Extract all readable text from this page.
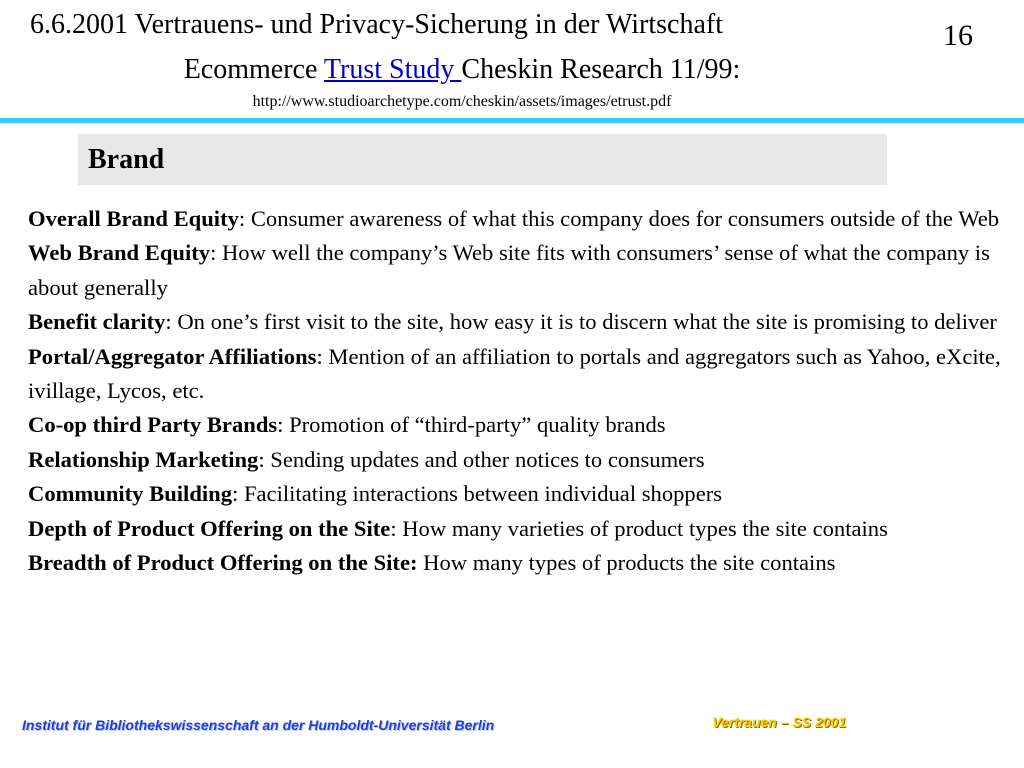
6.6.2001 Vertrauens- und Privacy-Sicherung in der Wirtschaft
Ecommerce Trust Study Cheskin Research 11/99:
http://www.studioarchetype.com/cheskin/assets/images/etrust.pdf
16
Brand

Overall Brand Equity: Consumer awareness of what this company does for consumers outside of the Web

Web Brand Equity: How well the company’s Web site fits with consumers’ sense of what the company is about generally

Benefit clarity: On one’s first visit to the site, how easy it is to discern what the site is promising to deliver

Portal/Aggregator Affiliations: Mention of an affiliation to portals and aggregators such as Yahoo, eXcite, ivillage, Lycos, etc.

Co-op third Party Brands: Promotion of “third-party” quality brands

Relationship Marketing: Sending updates and other notices to consumers

Community Building: Facilitating interactions between individual shoppers

Depth of Product Offering on the Site: How many varieties of product types the site contains

Breadth of Product Offering on the Site: How many types of products the site contains

Institut für Bibliothekswissenschaft an der Humboldt-Universität Berlin	Vertrauen – SS 2001
